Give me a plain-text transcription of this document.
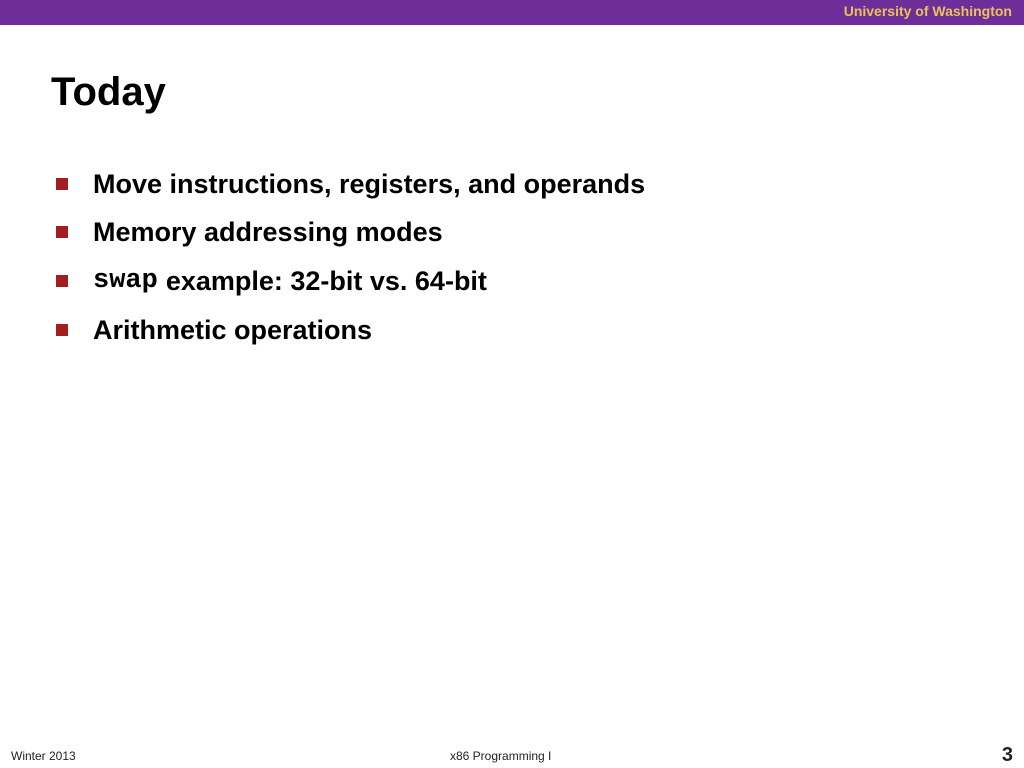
University of Washington
Today
Move instructions, registers, and operands
Memory addressing modes
swap example: 32-bit vs. 64-bit
Arithmetic operations
Winter 2013	x86 Programming I	3
